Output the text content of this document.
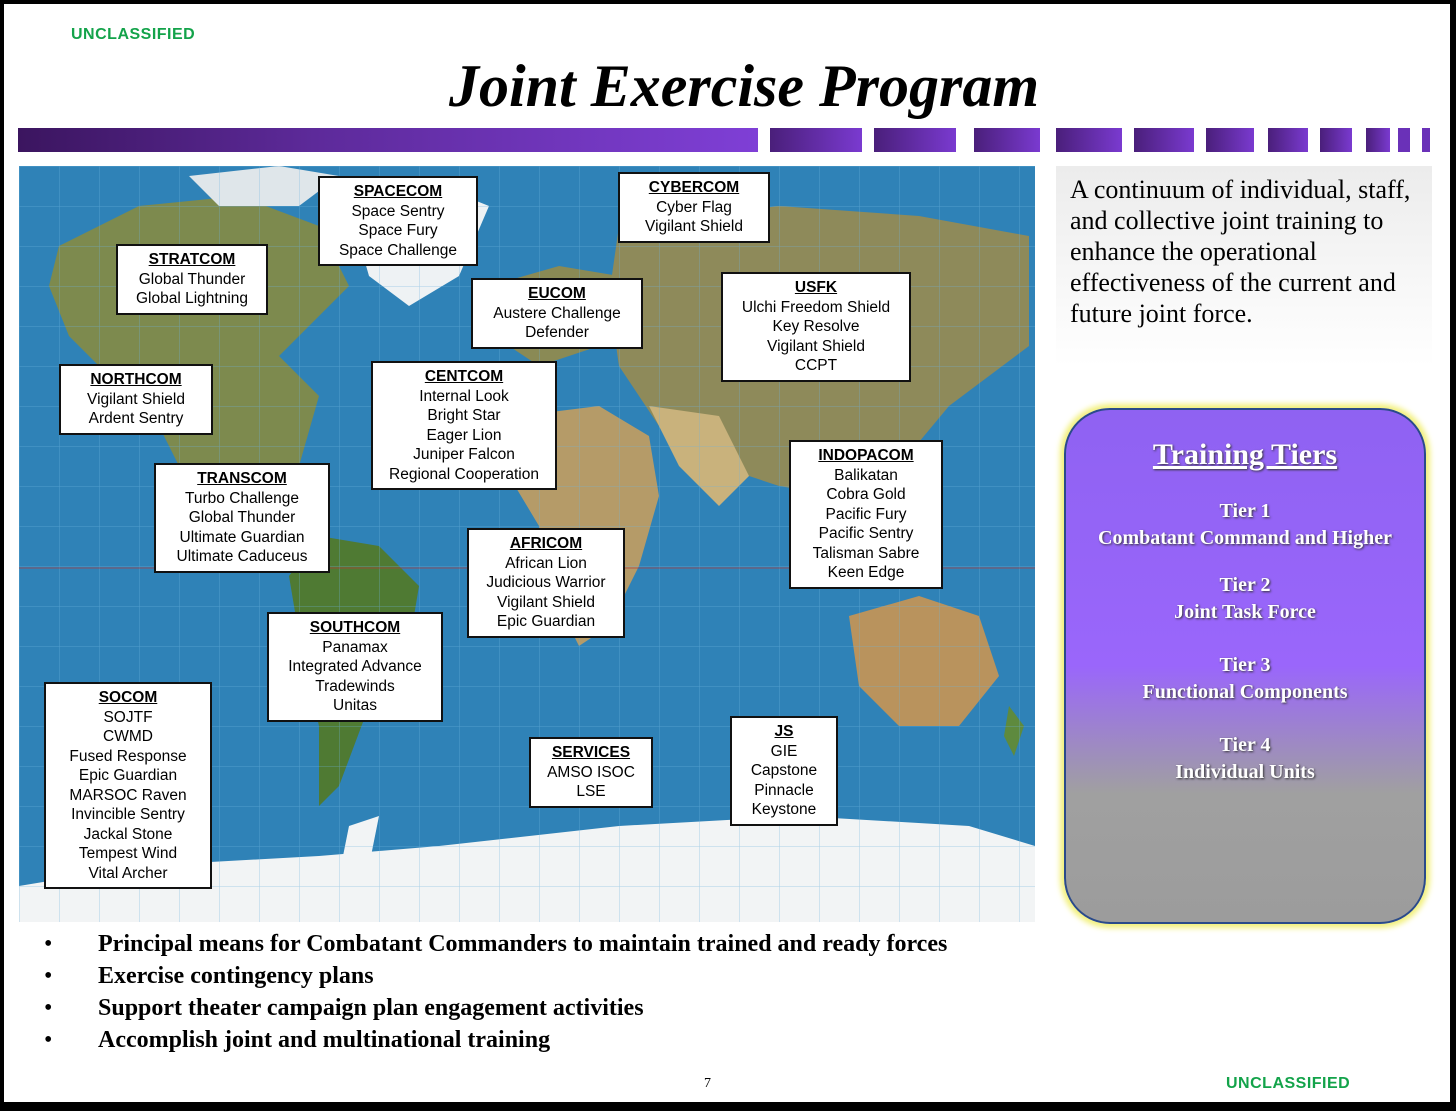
UNCLASSIFIED
Joint Exercise Program
SPACECOM
Space Sentry
Space Fury
Space Challenge
CYBERCOM
Cyber Flag
Vigilant Shield
STRATCOM
Global Thunder
Global Lightning	EUCOM
Austere Challenge
Defender
USFK
Ulchi Freedom Shield
Key Resolve
Vigilant Shield
CCPT
NORTHCOM
Vigilant Shield
Ardent Sentry
CENTCOM
Internal Look
Bright Star
Eager Lion
Juniper Falcon
Regional Cooperation
INDOPACOM
Balikatan
Cobra Gold
Pacific Fury
Pacific Sentry
Talisman Sabre
Keen Edge
TRANSCOM
Turbo Challenge
Global Thunder
Ultimate Guardian
Ultimate Caduceus
AFRICOM
African Lion
Judicious Warrior
Vigilant Shield
Epic Guardian
SOUTHCOM
Panamax
Integrated Advance
Tradewinds
Unitas
SOCOM
SOJTF
CWMD
Fused Response
Epic Guardian
MARSOC Raven
Invincible Sentry
Jackal Stone
Tempest Wind
Vital Archer
SERVICES
AMSO ISOC
LSE
JS
GIE
Capstone
Pinnacle
Keystone
A continuum of individual, staff, and collective joint training to enhance the operational effectiveness of the current and future joint force.
Training Tiers
Tier 1
Combatant Command and Higher
Tier 2
Joint Task Force
Tier 3
Functional Components
Tier 4
Individual Units
• Principal means for Combatant Commanders to maintain trained and ready forces
• Exercise contingency plans
• Support theater campaign plan engagement activities
• Accomplish joint and multinational training
7	UNCLASSIFIED
